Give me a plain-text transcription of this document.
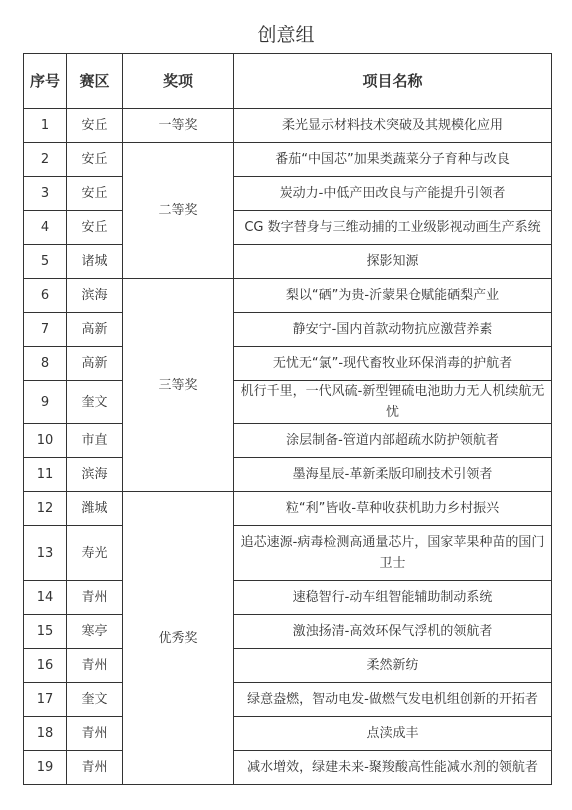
创意组
序号	赛区	奖项	项目名称
1	安丘	一等奖	柔光显示材料技术突破及其规模化应用
2	安丘	二等奖	番茄“中国芯”加果类蔬菜分子育种与改良
3	安丘		炭动力-中低产田改良与产能提升引领者
4	安丘		CG 数字替身与三维动捕的工业级影视动画生产系统
5	诸城		探影知源
6	滨海	三等奖	梨以“硒”为贵-沂蒙果仓赋能硒梨产业
7	高新		静安宁-国内首款动物抗应激营养素
8	高新		无忧无“氯”-现代畜牧业环保消毒的护航者
9	奎文		机行千里，一代风硫-新型锂硫电池助力无人机续航无忧
10	市直		涂层制备-管道内部超疏水防护领航者
11	滨海		墨海星辰-革新柔版印刷技术引领者
12	潍城	优秀奖	粒“利”皆收-草种收获机助力乡村振兴
13	寿光		追芯速源-病毒检测高通量芯片，国家苹果种苗的国门卫士
14	青州		速稳智行-动车组智能辅助制动系统
15	寒亭		激浊扬清-高效环保气浮机的领航者
16	青州		柔然新纺
17	奎文		绿意盎燃，智动电发-做燃气发电机组创新的开拓者
18	青州		点渎成丰
19	青州		减水增效，绿建未来-聚羧酸高性能减水剂的领航者
